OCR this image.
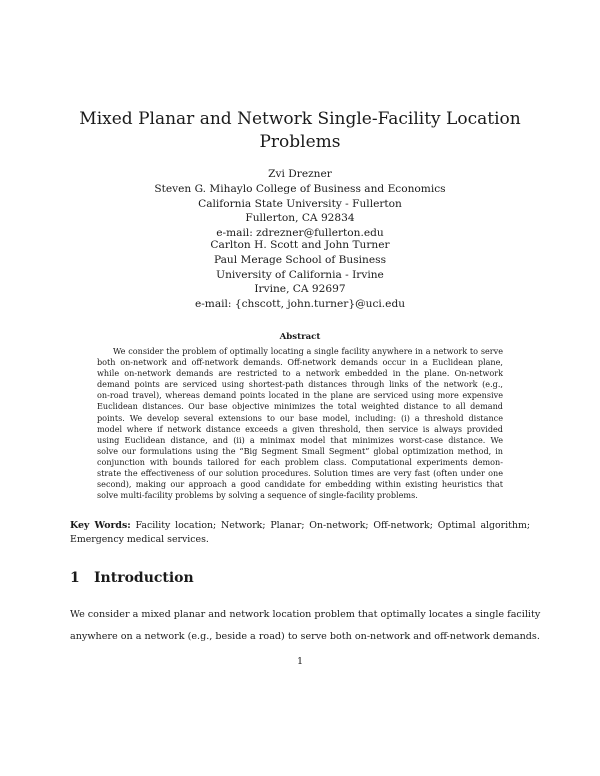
Mixed Planar and Network Single-Facility Location
Problems
Zvi Drezner
Steven G. Mihaylo College of Business and Economics
California State University - Fullerton
Fullerton, CA 92834
e-mail: zdrezner@fullerton.edu
Carlton H. Scott and John Turner
Paul Merage School of Business
University of California - Irvine
Irvine, CA 92697
e-mail: {chscott, john.turner}@uci.edu
Abstract
We consider the problem of optimally locating a single facility anywhere in a network to serve
both on-network and off-network demands. Off-network demands occur in a Euclidean plane,
while on-network demands are restricted to a network embedded in the plane. On-network
demand points are serviced using shortest-path distances through links of the network (e.g.,
on-road travel), whereas demand points located in the plane are serviced using more expensive
Euclidean distances. Our base objective minimizes the total weighted distance to all demand
points. We develop several extensions to our base model, including: (i) a threshold distance
model where if network distance exceeds a given threshold, then service is always provided
using Euclidean distance, and (ii) a minimax model that minimizes worst-case distance. We
solve our formulations using the “Big Segment Small Segment” global optimization method, in
conjunction with bounds tailored for each problem class. Computational experiments demon-
strate the effectiveness of our solution procedures. Solution times are very fast (often under one
second), making our approach a good candidate for embedding within existing heuristics that
solve multi-facility problems by solving a sequence of single-facility problems.
Key Words: Facility location; Network; Planar; On-network; Off-network; Optimal algorithm;
Emergency medical services.
1 Introduction
We consider a mixed planar and network location problem that optimally locates a single facility
anywhere on a network (e.g., beside a road) to serve both on-network and off-network demands.
1
